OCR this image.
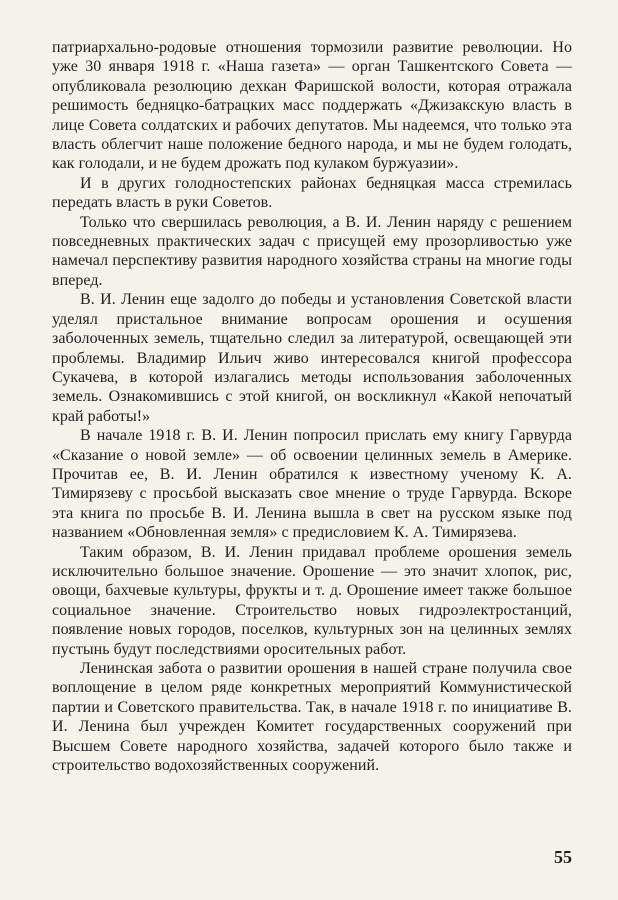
патриархально-родовые отношения тормозили развитие революции. Но уже 30 января 1918 г. «Наша газета» — орган Ташкентского Совета — опубликовала резолюцию дехкан Фаришской волости, которая отражала решимость бедняцко-батрацких масс поддержать «Джизакскую власть в лице Совета солдатских и рабочих депутатов. Мы надеемся, что только эта власть облегчит наше положение бедного народа, и мы не будем голодать, как голодали, и не будем дрожать под кулаком буржуазии».

И в других голодностепских районах бедняцкая масса стремилась передать власть в руки Советов.

Только что свершилась революция, а В. И. Ленин наряду с решением повседневных практических задач с присущей ему прозорливостью уже намечал перспективу развития народного хозяйства страны на многие годы вперед.

В. И. Ленин еще задолго до победы и установления Советской власти уделял пристальное внимание вопросам орошения и осушения заболоченных земель, тщательно следил за литературой, освещающей эти проблемы. Владимир Ильич живо интересовался книгой профессора Сукачева, в которой излагались методы использования заболоченных земель. Ознакомившись с этой книгой, он воскликнул «Какой непочатый край работы!»

В начале 1918 г. В. И. Ленин попросил прислать ему книгу Гарвурда «Сказание о новой земле» — об освоении целинных земель в Америке. Прочитав ее, В. И. Ленин обратился к известному ученому К. А. Тимирязеву с просьбой высказать свое мнение о труде Гарвурда. Вскоре эта книга по просьбе В. И. Ленина вышла в свет на русском языке под названием «Обновленная земля» с предисловием К. А. Тимирязева.

Таким образом, В. И. Ленин придавал проблеме орошения земель исключительно большое значение. Орошение — это значит хлопок, рис, овощи, бахчевые культуры, фрукты и т. д. Орошение имеет также большое социальное значение. Строительство новых гидроэлектростанций, появление новых городов, поселков, культурных зон на целинных землях пустынь будут последствиями оросительных работ.

Ленинская забота о развитии орошения в нашей стране получила свое воплощение в целом ряде конкретных мероприятий Коммунистической партии и Советского правительства. Так, в начале 1918 г. по инициативе В. И. Ленина был учрежден Комитет государственных сооружений при Высшем Совете народного хозяйства, задачей которого было также и строительство водохозяйственных сооружений.

55
